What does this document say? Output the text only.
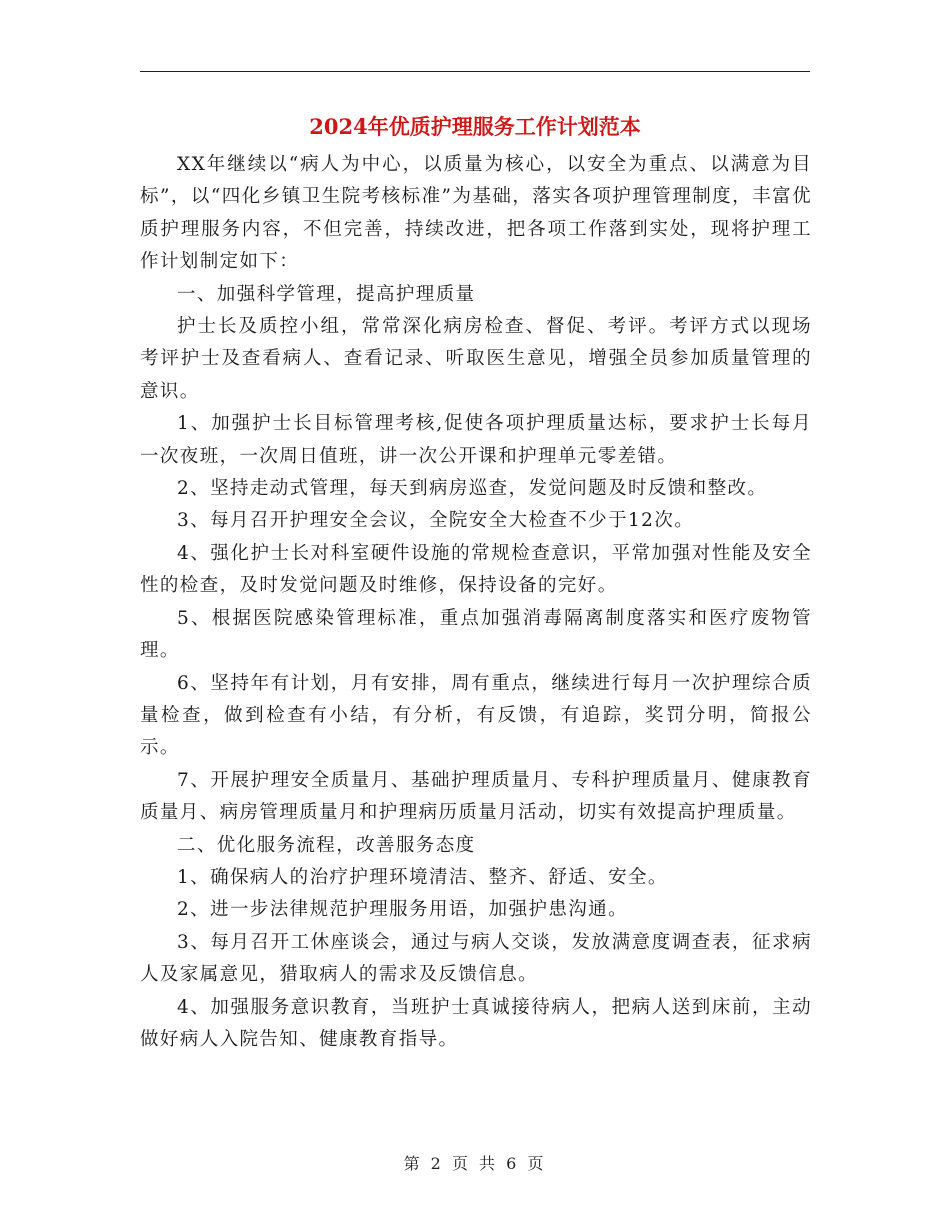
2024年优质护理服务工作计划范本

XX年继续以“病人为中心，以质量为核心，以安全为重点、以满意为目标”，以“四化乡镇卫生院考核标准”为基础，落实各项护理管理制度，丰富优质护理服务内容，不但完善，持续改进，把各项工作落到实处，现将护理工作计划制定如下：

一、加强科学管理，提高护理质量

护士长及质控小组，常常深化病房检查、督促、考评。考评方式以现场考评护士及查看病人、查看记录、听取医生意见，增强全员参加质量管理的意识。

1、加强护士长目标管理考核,促使各项护理质量达标，要求护士长每月一次夜班，一次周日值班，讲一次公开课和护理单元零差错。

2、坚持走动式管理，每天到病房巡查，发觉问题及时反馈和整改。

3、每月召开护理安全会议，全院安全大检查不少于12次。

4、强化护士长对科室硬件设施的常规检查意识，平常加强对性能及安全性的检查，及时发觉问题及时维修，保持设备的完好。

5、根据医院感染管理标准，重点加强消毒隔离制度落实和医疗废物管理。

6、坚持年有计划，月有安排，周有重点，继续进行每月一次护理综合质量检查，做到检查有小结，有分析，有反馈，有追踪，奖罚分明，简报公示。

7、开展护理安全质量月、基础护理质量月、专科护理质量月、健康教育质量月、病房管理质量月和护理病历质量月活动，切实有效提高护理质量。

二、优化服务流程，改善服务态度

1、确保病人的治疗护理环境清洁、整齐、舒适、安全。

2、进一步法律规范护理服务用语，加强护患沟通。

3、每月召开工休座谈会，通过与病人交谈，发放满意度调查表，征求病人及家属意见，猎取病人的需求及反馈信息。

4、加强服务意识教育，当班护士真诚接待病人，把病人送到床前，主动做好病人入院告知、健康教育指导。

第 2 页 共 6 页
